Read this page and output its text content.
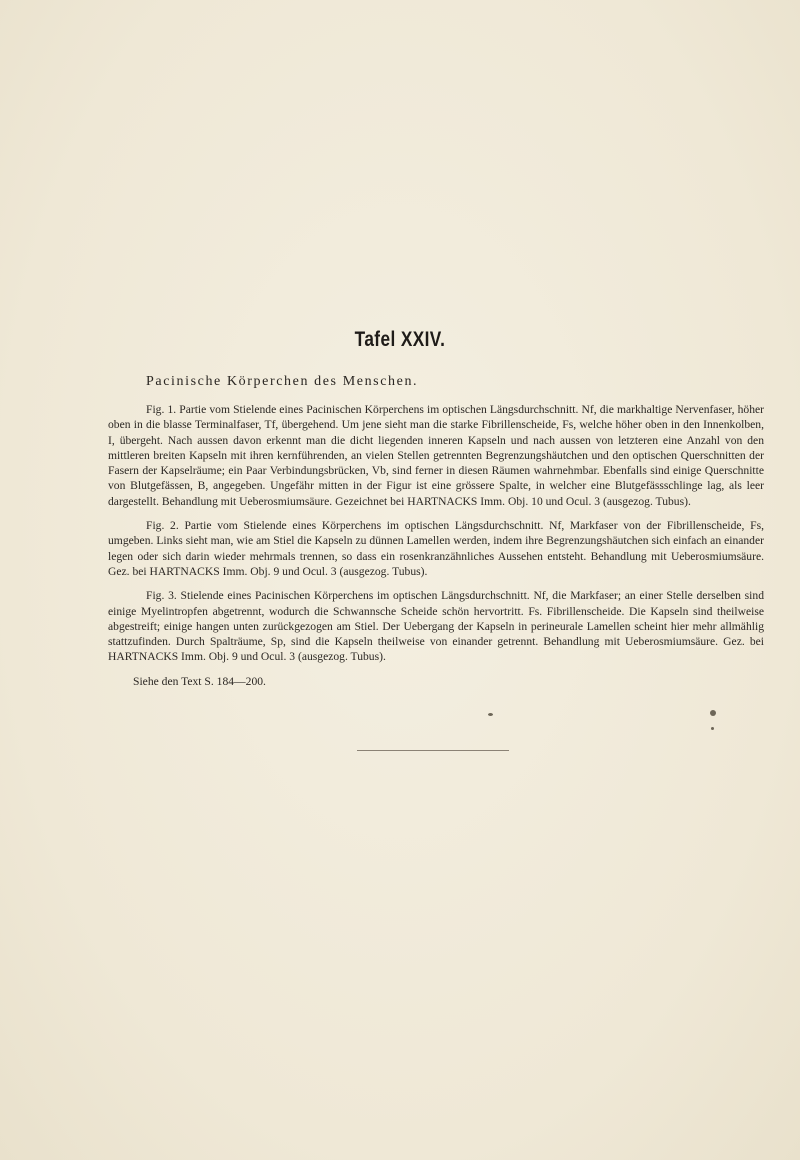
Tafel XXIV.
Pacinische Körperchen des Menschen.

Fig. 1. Partie vom Stielende eines Pacinischen Körperchens im optischen Längsdurchschnitt. Nf, die markhaltige Nervenfaser, höher oben in die blasse Terminalfaser, Tf, übergehend. Um jene sieht man die starke Fibrillenscheide, Fs, welche höher oben in den Innenkolben, I, übergeht. Nach aussen davon erkennt man die dicht liegenden inneren Kapseln und nach aussen von letzteren eine Anzahl von den mittleren breiten Kapseln mit ihren kernführenden, an vielen Stellen getrennten Begrenzungshäutchen und den optischen Querschnitten der Fasern der Kapselräume; ein Paar Verbindungsbrücken, Vb, sind ferner in diesen Räumen wahrnehmbar. Ebenfalls sind einige Querschnitte von Blutgefässen, B, angegeben. Ungefähr mitten in der Figur ist eine grössere Spalte, in welcher eine Blutgefässschlinge lag, als leer dargestellt. Behandlung mit Ueberosmiumsäure. Gezeichnet bei HARTNACKS Imm. Obj. 10 und Ocul. 3 (ausgezog. Tubus).

Fig. 2. Partie vom Stielende eines Körperchens im optischen Längsdurchschnitt. Nf, Markfaser von der Fibrillenscheide, Fs, umgeben. Links sieht man, wie am Stiel die Kapseln zu dünnen Lamellen werden, indem ihre Begrenzungshäutchen sich einfach an einander legen oder sich darin wieder mehrmals trennen, so dass ein rosenkranzähnliches Aussehen entsteht. Behandlung mit Ueberosmiumsäure. Gez. bei HARTNACKS Imm. Obj. 9 und Ocul. 3 (ausgezog. Tubus).

Fig. 3. Stielende eines Pacinischen Körperchens im optischen Längsdurchschnitt. Nf, die Markfaser; an einer Stelle derselben sind einige Myelintropfen abgetrennt, wodurch die Schwannsche Scheide schön hervortritt. Fs. Fibrillenscheide. Die Kapseln sind theilweise abgestreift; einige hangen unten zurückgezogen am Stiel. Der Uebergang der Kapseln in perineurale Lamellen scheint hier mehr allmählig stattzufinden. Durch Spalträume, Sp, sind die Kapseln theilweise von einander getrennt. Behandlung mit Ueberosmiumsäure. Gez. bei HARTNACKS Imm. Obj. 9 und Ocul. 3 (ausgezog. Tubus).

Siehe den Text S. 184—200.
